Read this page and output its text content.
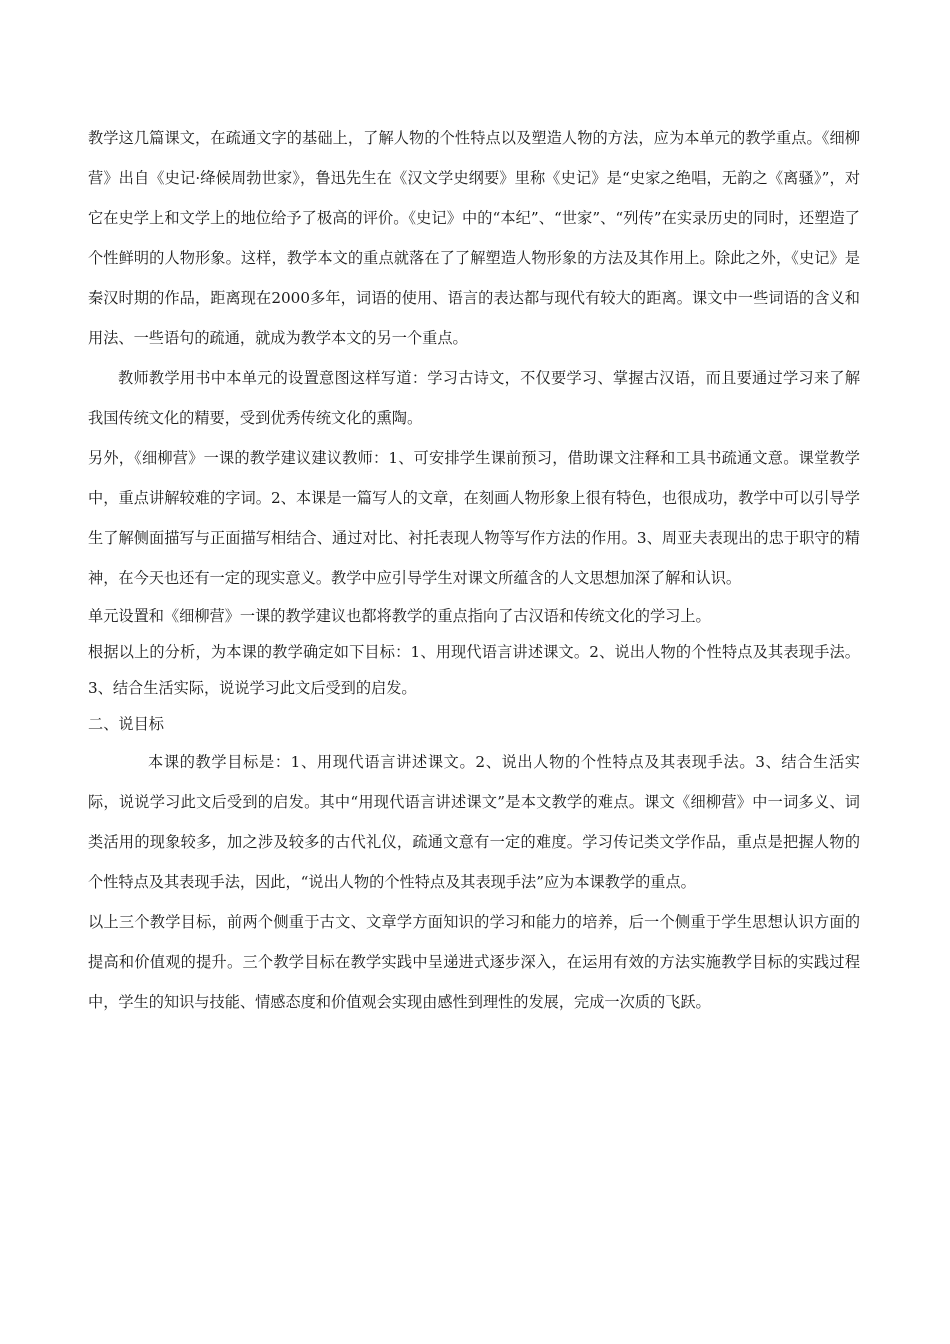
教学这几篇课文，在疏通文字的基础上，了解人物的个性特点以及塑造人物的方法，应为本单元的教学重点。《细柳营》出自《史记·绛候周勃世家》，鲁迅先生在《汉文学史纲要》里称《史记》是“史家之绝唱，无韵之《离骚》”，对它在史学上和文学上的地位给予了极高的评价。《史记》中的“本纪”、“世家”、“列传”在实录历史的同时，还塑造了个性鲜明的人物形象。这样，教学本文的重点就落在了了解塑造人物形象的方法及其作用上。除此之外，《史记》是秦汉时期的作品，距离现在2000多年，词语的使用、语言的表达都与现代有较大的距离。课文中一些词语的含义和用法、一些语句的疏通，就成为教学本文的另一个重点。

教师教学用书中本单元的设置意图这样写道：学习古诗文，不仅要学习、掌握古汉语，而且要通过学习来了解我国传统文化的精要，受到优秀传统文化的熏陶。

另外，《细柳营》一课的教学建议建议教师：1、可安排学生课前预习，借助课文注释和工具书疏通文意。课堂教学中，重点讲解较难的字词。2、本课是一篇写人的文章，在刻画人物形象上很有特色，也很成功，教学中可以引导学生了解侧面描写与正面描写相结合、通过对比、衬托表现人物等写作方法的作用。3、周亚夫表现出的忠于职守的精神，在今天也还有一定的现实意义。教学中应引导学生对课文所蕴含的人文思想加深了解和认识。

单元设置和《细柳营》一课的教学建议也都将教学的重点指向了古汉语和传统文化的学习上。

根据以上的分析，为本课的教学确定如下目标：1、用现代语言讲述课文。2、说出人物的个性特点及其表现手法。3、结合生活实际，说说学习此文后受到的启发。

二、说目标

本课的教学目标是：1、用现代语言讲述课文。2、说出人物的个性特点及其表现手法。3、结合生活实际，说说学习此文后受到的启发。其中“用现代语言讲述课文”是本文教学的难点。课文《细柳营》中一词多义、词类活用的现象较多，加之涉及较多的古代礼仪，疏通文意有一定的难度。学习传记类文学作品，重点是把握人物的个性特点及其表现手法，因此，“说出人物的个性特点及其表现手法”应为本课教学的重点。

以上三个教学目标，前两个侧重于古文、文章学方面知识的学习和能力的培养，后一个侧重于学生思想认识方面的提高和价值观的提升。三个教学目标在教学实践中呈递进式逐步深入，在运用有效的方法实施教学目标的实践过程中，学生的知识与技能、情感态度和价值观会实现由感性到理性的发展，完成一次质的飞跃。
